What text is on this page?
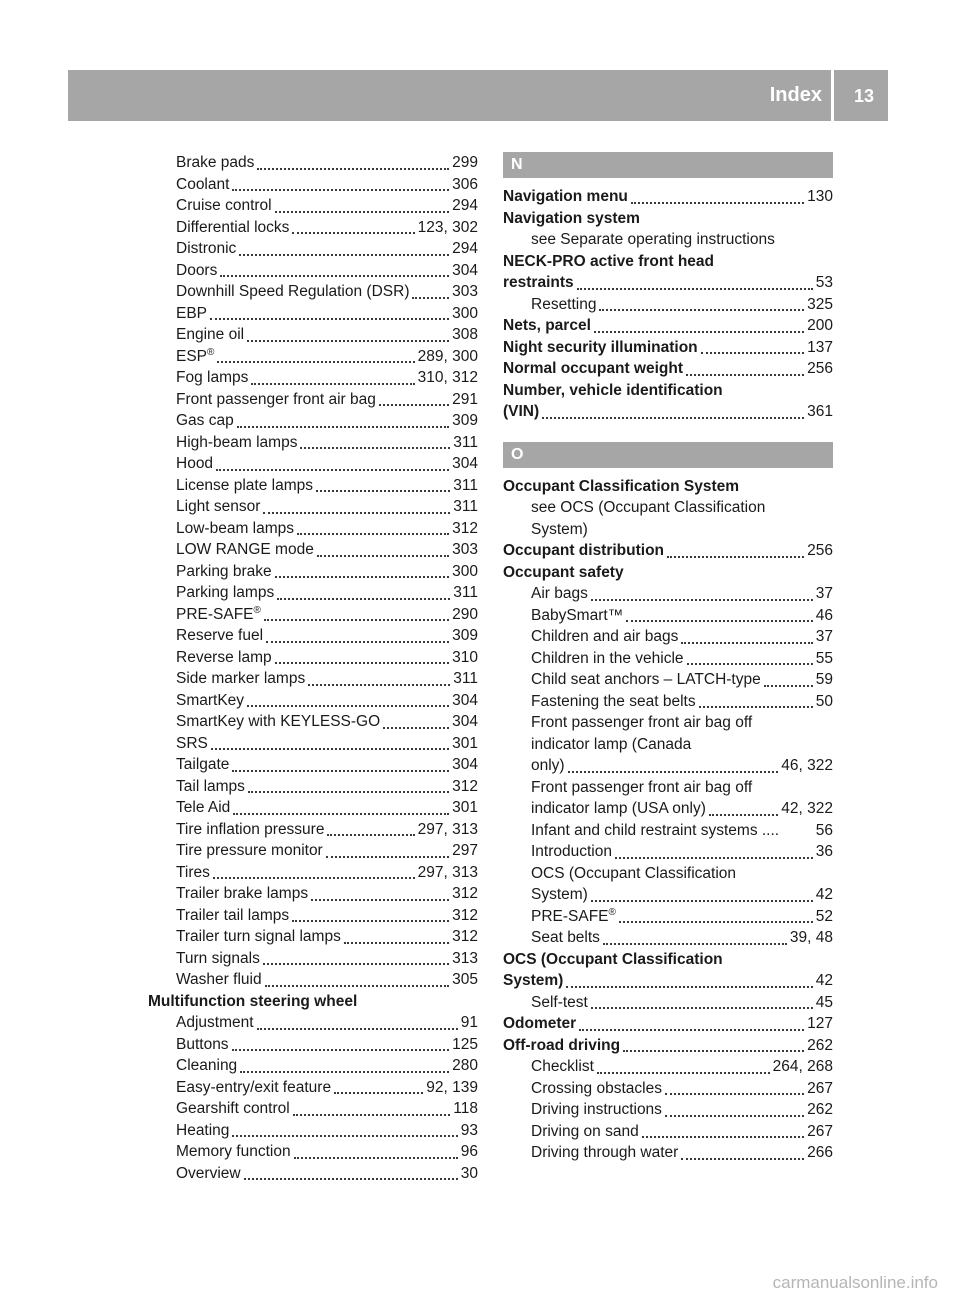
Index 13
Brake pads	299
Coolant	306
Cruise control	294
Differential locks	123, 302
Distronic	294
Doors	304
Downhill Speed Regulation (DSR)	303
EBP	300
Engine oil	308
ESP®	289, 300
Fog lamps	310, 312
Front passenger front air bag	291
Gas cap	309
High-beam lamps	311
Hood	304
License plate lamps	311
Light sensor	311
Low-beam lamps	312
LOW RANGE mode	303
Parking brake	300
Parking lamps	311
PRE-SAFE®	290
Reserve fuel	309
Reverse lamp	310
Side marker lamps	311
SmartKey	304
SmartKey with KEYLESS-GO	304
SRS	301
Tailgate	304
Tail lamps	312
Tele Aid	301
Tire inflation pressure	297, 313
Tire pressure monitor	297
Tires	297, 313
Trailer brake lamps	312
Trailer tail lamps	312
Trailer turn signal lamps	312
Turn signals	313
Washer fluid	305
Multifunction steering wheel
Adjustment	91
Buttons	125
Cleaning	280
Easy-entry/exit feature	92, 139
Gearshift control	118
Heating	93
Memory function	96
Overview	30
N
Navigation menu	130
Navigation system
see Separate operating instructions
NECK-PRO active front head
restraints	53
Resetting	325
Nets, parcel	200
Night security illumination	137
Normal occupant weight	256
Number, vehicle identification
(VIN)	361
O
Occupant Classification System
see OCS (Occupant Classification
System)
Occupant distribution	256
Occupant safety
Air bags	37
BabySmart™	46
Children and air bags	37
Children in the vehicle	55
Child seat anchors – LATCH-type	59
Fastening the seat belts	50
Front passenger front air bag off
indicator lamp (Canada
only)	46, 322
Front passenger front air bag off
indicator lamp (USA only)	42, 322
Infant and child restraint systems .... 56
Introduction	36
OCS (Occupant Classification
System)	42
PRE-SAFE®	52
Seat belts	39, 48
OCS (Occupant Classification
System)	42
Self-test	45
Odometer	127
Off-road driving	262
Checklist	264, 268
Crossing obstacles	267
Driving instructions	262
Driving on sand	267
Driving through water	266
carmanualsonline.info
